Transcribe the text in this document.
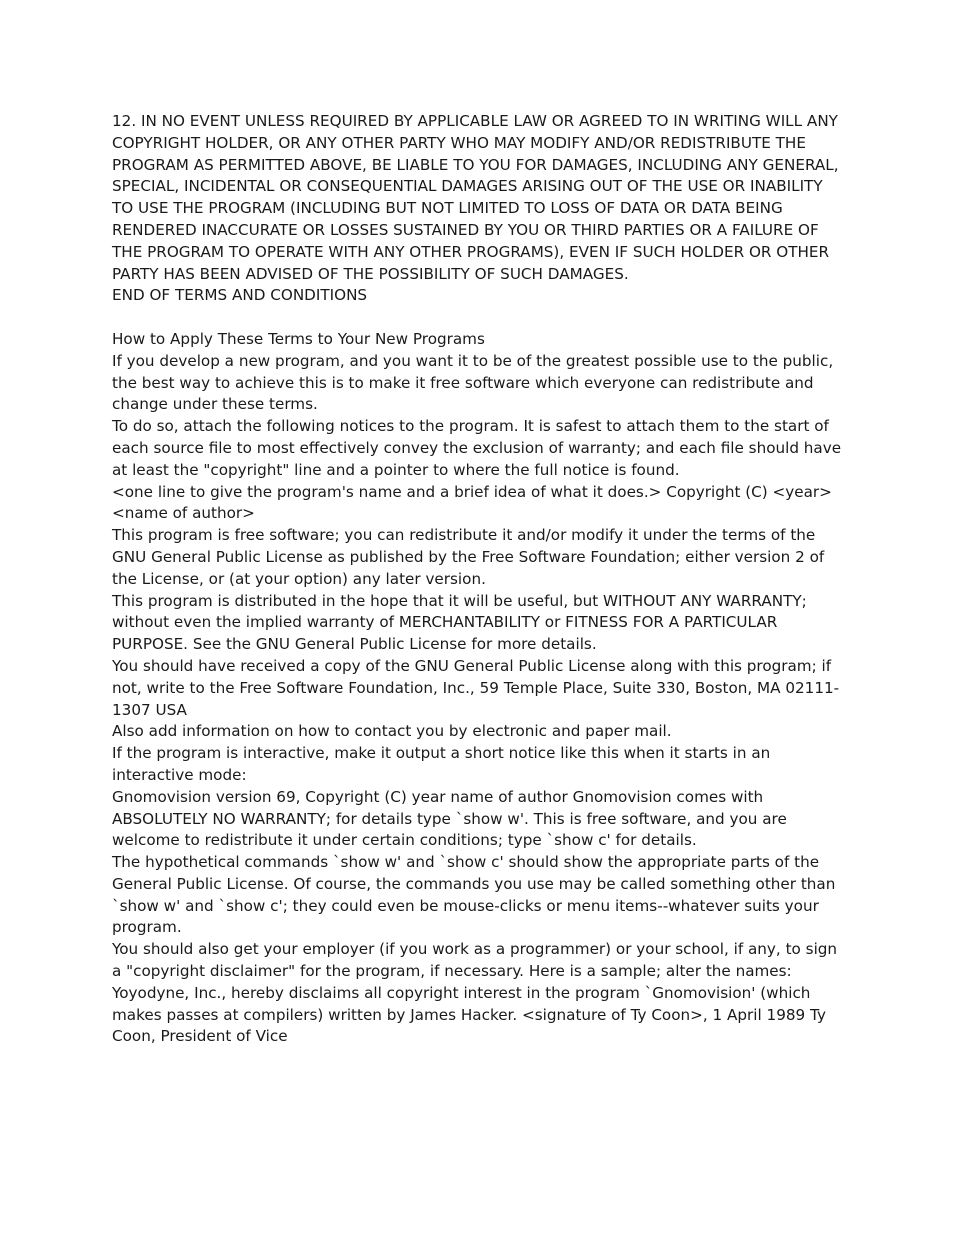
12. IN NO EVENT UNLESS REQUIRED BY APPLICABLE LAW OR AGREED TO IN WRITING WILL ANY COPYRIGHT HOLDER, OR ANY OTHER PARTY WHO MAY MODIFY AND/OR REDISTRIBUTE THE PROGRAM AS PERMITTED ABOVE, BE LIABLE TO YOU FOR DAMAGES, INCLUDING ANY GENERAL, SPECIAL, INCIDENTAL OR CONSEQUENTIAL DAMAGES ARISING OUT OF THE USE OR INABILITY TO USE THE PROGRAM (INCLUDING BUT NOT LIMITED TO LOSS OF DATA OR DATA BEING RENDERED INACCURATE OR LOSSES SUSTAINED BY YOU OR THIRD PARTIES OR A FAILURE OF THE PROGRAM TO OPERATE WITH ANY OTHER PROGRAMS), EVEN IF SUCH HOLDER OR OTHER PARTY HAS BEEN ADVISED OF THE POSSIBILITY OF SUCH DAMAGES.

END OF TERMS AND CONDITIONS

How to Apply These Terms to Your New Programs

If you develop a new program, and you want it to be of the greatest possible use to the public, the best way to achieve this is to make it free software which everyone can redistribute and change under these terms.

To do so, attach the following notices to the program. It is safest to attach them to the start of each source file to most effectively convey the exclusion of warranty; and each file should have at least the "copyright" line and a pointer to where the full notice is found.

<one line to give the program's name and a brief idea of what it does.> Copyright (C) <year> <name of author>

This program is free software; you can redistribute it and/or modify it under the terms of the GNU General Public License as published by the Free Software Foundation; either version 2 of the License, or (at your option) any later version.

This program is distributed in the hope that it will be useful, but WITHOUT ANY WARRANTY; without even the implied warranty of MERCHANTABILITY or FITNESS FOR A PARTICULAR PURPOSE. See the GNU General Public License for more details.

You should have received a copy of the GNU General Public License along with this program; if not, write to the Free Software Foundation, Inc., 59 Temple Place, Suite 330, Boston, MA 02111-1307 USA

Also add information on how to contact you by electronic and paper mail.

If the program is interactive, make it output a short notice like this when it starts in an interactive mode:

Gnomovision version 69, Copyright (C) year name of author Gnomovision comes with ABSOLUTELY NO WARRANTY; for details type `show w'. This is free software, and you are welcome to redistribute it under certain conditions; type `show c' for details.

The hypothetical commands `show w' and `show c' should show the appropriate parts of the General Public License. Of course, the commands you use may be called something other than `show w' and `show c'; they could even be mouse-clicks or menu items--whatever suits your program.

You should also get your employer (if you work as a programmer) or your school, if any, to sign a "copyright disclaimer" for the program, if necessary. Here is a sample; alter the names:

Yoyodyne, Inc., hereby disclaims all copyright interest in the program `Gnomovision' (which makes passes at compilers) written by James Hacker. <signature of Ty Coon>, 1 April 1989 Ty Coon, President of Vice
